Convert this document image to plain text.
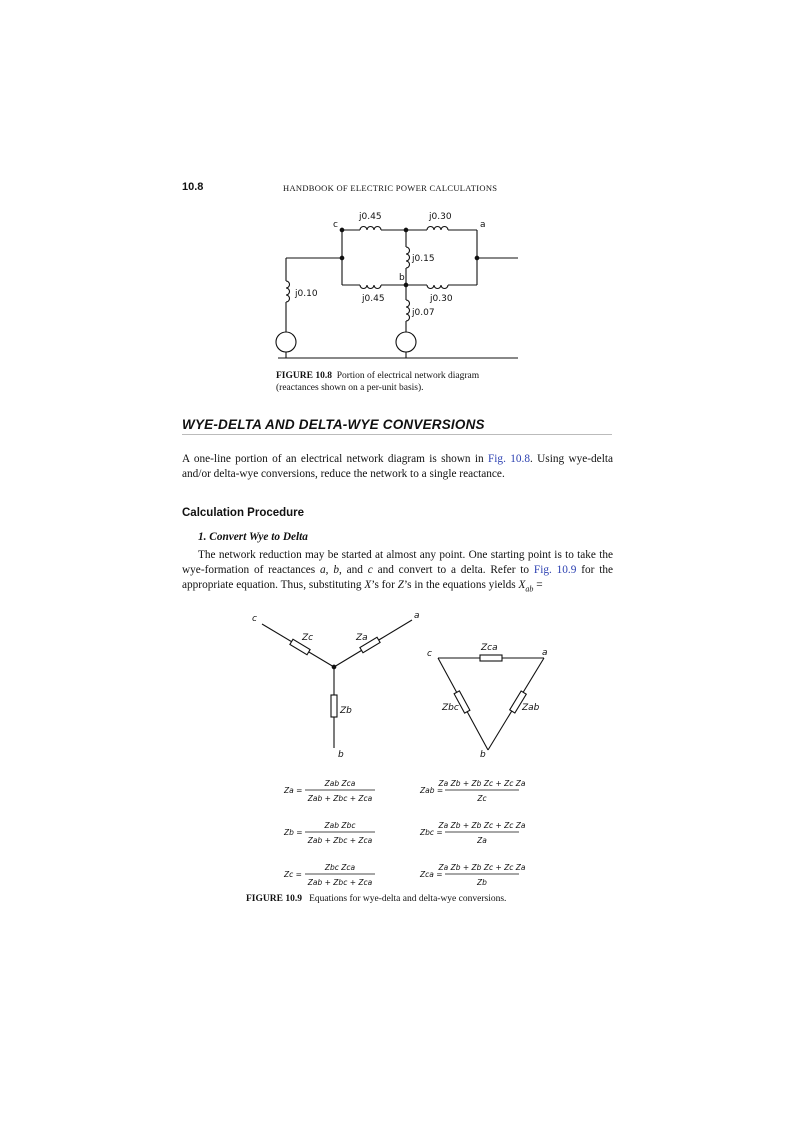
10.8	HANDBOOK OF ELECTRIC POWER CALCULATIONS
c	a
b
j0.45	j0.30
j0.15
j0.45	j0.30
j0.10
j0.07
FIGURE 10.8 Portion of electrical network diagram (reactances shown on a per-unit basis).
WYE-DELTA AND DELTA-WYE CONVERSIONS
A one-line portion of an electrical network diagram is shown in Fig. 10.8. Using wye-delta and/or delta-wye conversions, reduce the network to a single reactance.
Calculation Procedure
1. Convert Wye to Delta
The network reduction may be started at almost any point. One starting point is to take the wye-formation of reactances a, b, and c and convert to a delta. Refer to Fig. 10.9 for the appropriate equation. Thus, substituting X’s for Z’s in the equations yields $X_{ab}$ =
c	a
b
Zc	Za
Zb
c	a
b
Zca
Zbc	Zab
Za =
Zab Zca
Zab + Zbc + Zca
Zab =
Za Zb + Zb Zc + Zc Za
Zc
Zb =
Zab Zbc
Zab + Zbc + Zca
Zbc =
Za Zb + Zb Zc + Zc Za
Za
Zc =
Zbc Zca
Zab + Zbc + Zca
Zca =
Za Zb + Zb Zc + Zc Za
Zb
FIGURE 10.9 Equations for wye-delta and delta-wye conversions.
